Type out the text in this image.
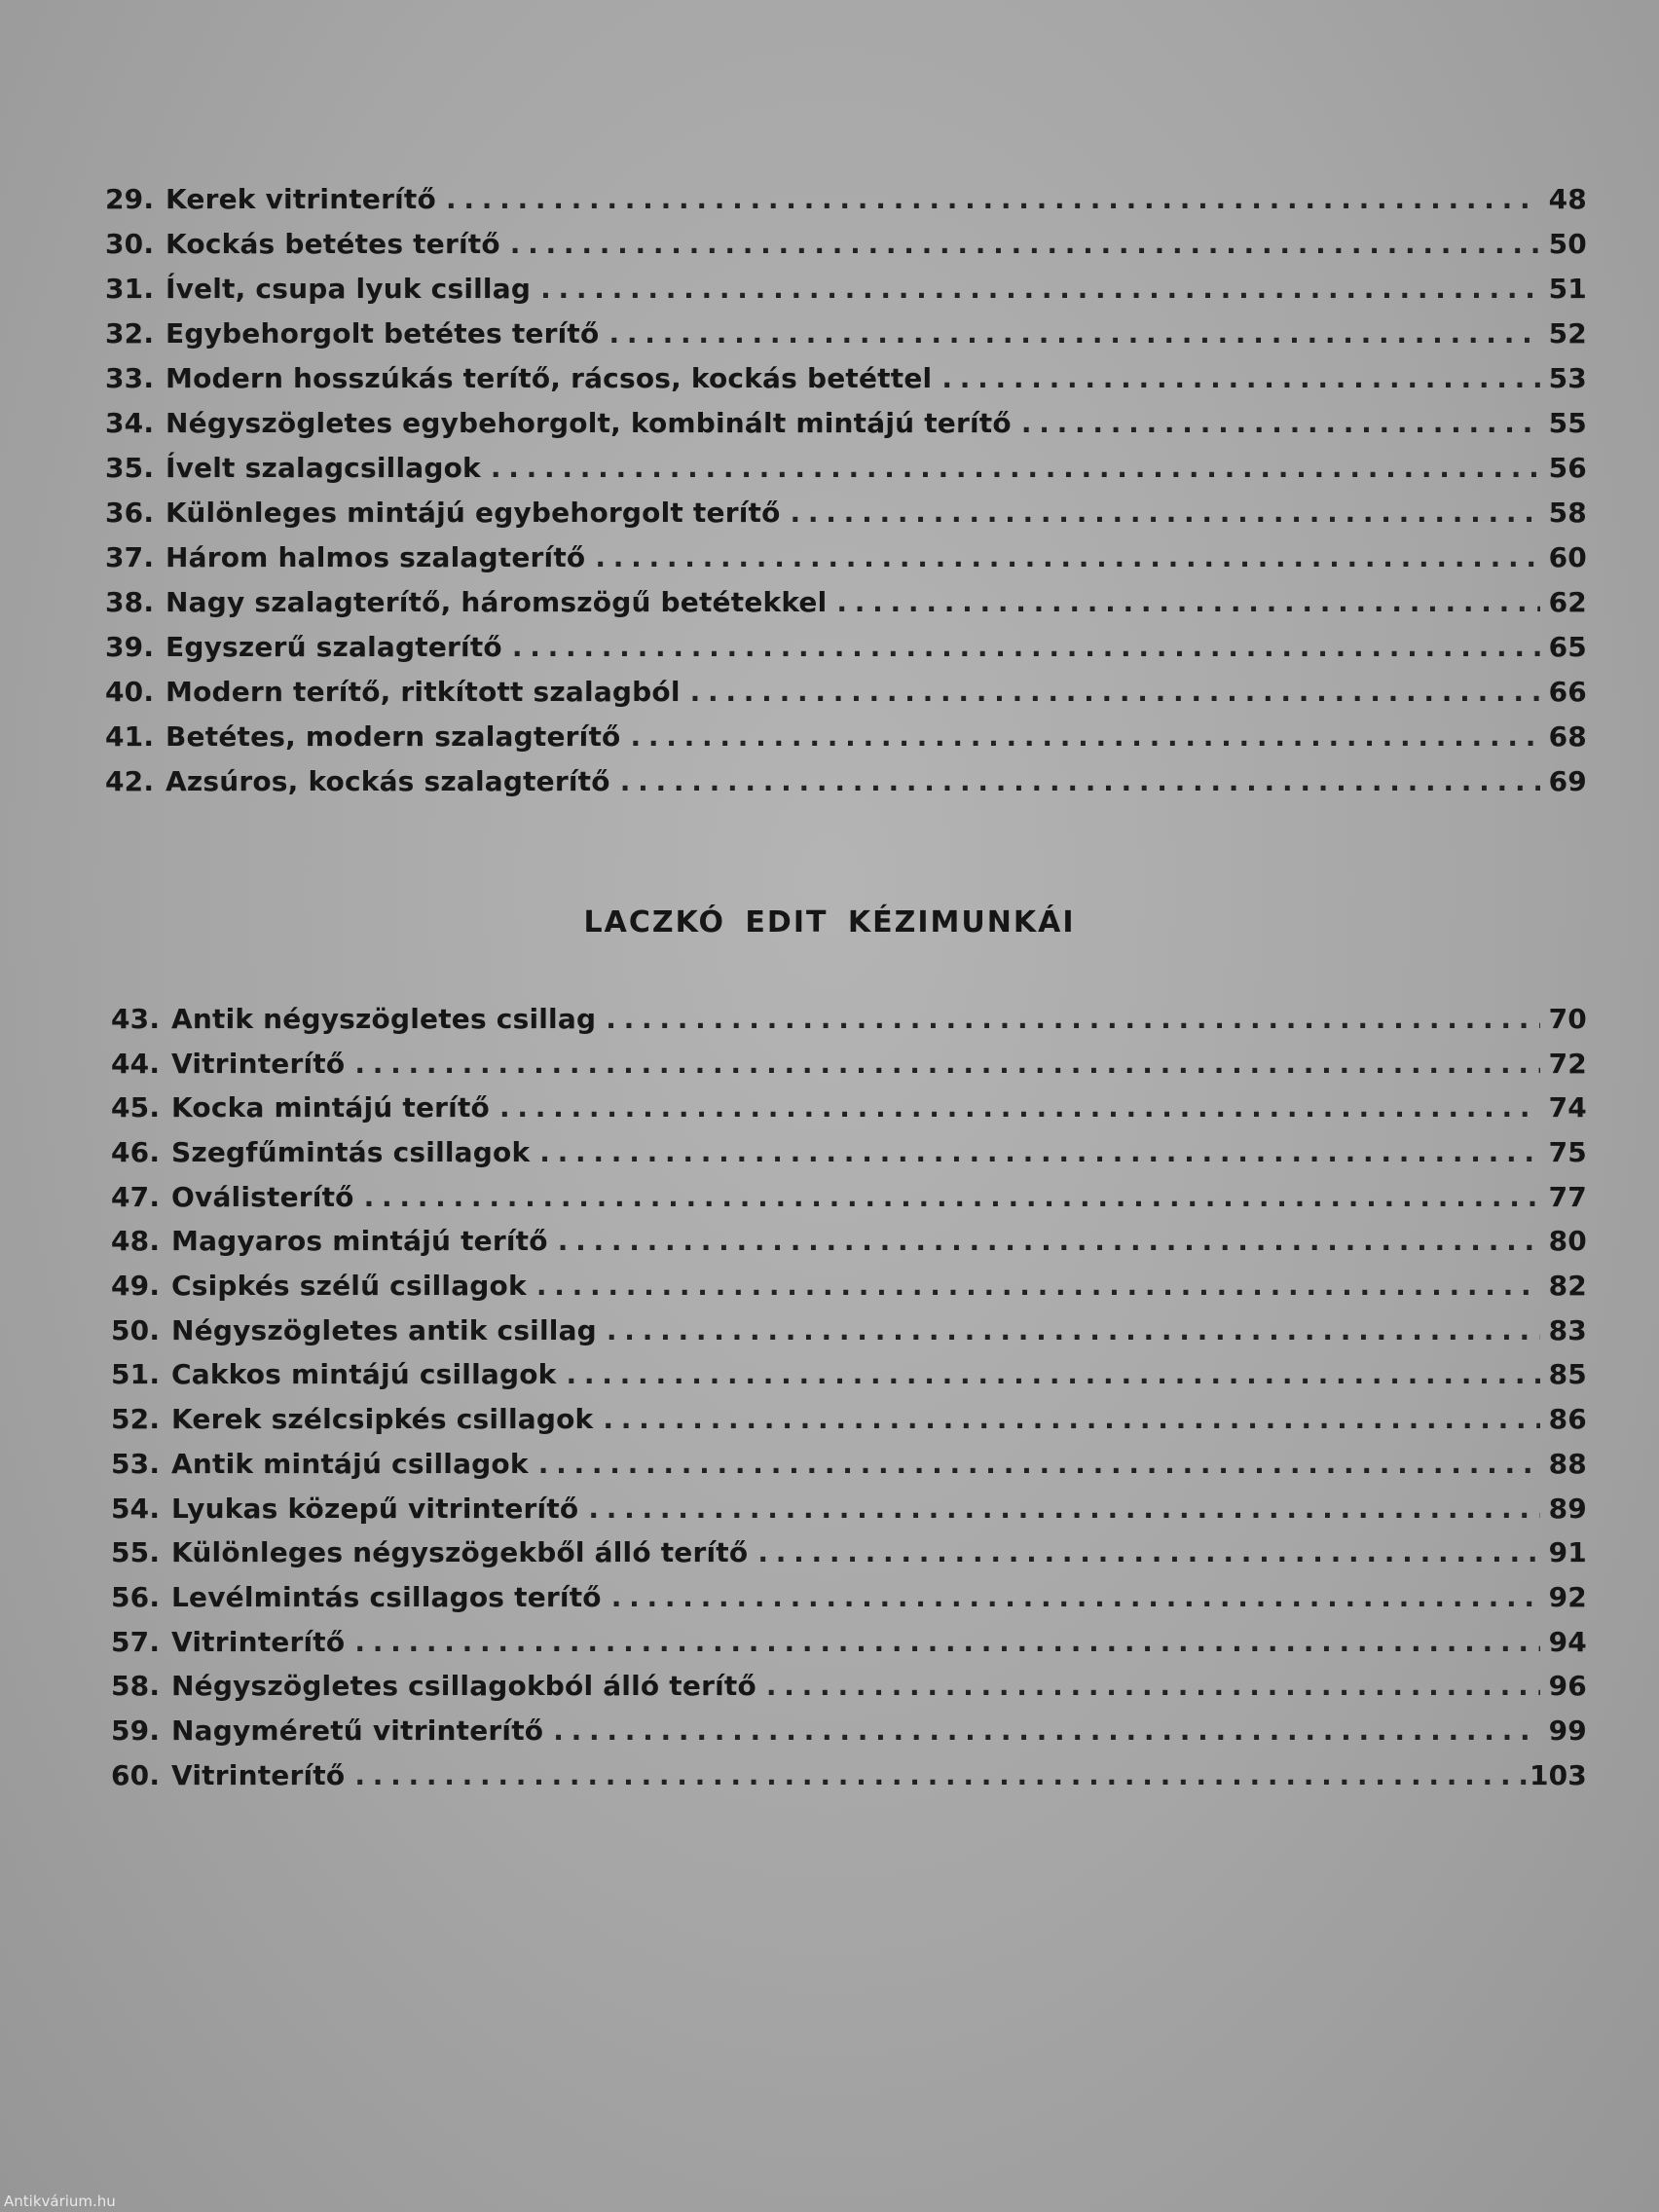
29. Kerek vitrinterítő . . .	48
30. Kockás betétes terítő . . .	50
31. Ívelt, csupa lyuk csillag . . .	51
32. Egybehorgolt betétes terítő . . .	52
33. Modern hosszúkás terítő, rácsos, kockás betéttel . . .	53
34. Négyszögletes egybehorgolt, kombinált mintájú terítő . . .	55
35. Ívelt szalagcsillagok . . .	56
36. Különleges mintájú egybehorgolt terítő . . .	58
37. Három halmos szalagterítő . . .	60
38. Nagy szalagterítő, háromszögű betétekkel . . .	62
39. Egyszerű szalagterítő . . .	65
40. Modern terítő, ritkított szalagból . . .	66
41. Betétes, modern szalagterítő . . .	68
42. Azsúros, kockás szalagterítő . . .	69
LACZKÓ EDIT KÉZIMUNKÁI
43. Antik négyszögletes csillag . . .	70
44. Vitrinterítő . . .	72
45. Kocka mintájú terítő . . .	74
46. Szegfűmintás csillagok . . .	75
47. Oválisterítő . . .	77
48. Magyaros mintájú terítő . . .	80
49. Csipkés szélű csillagok . . .	82
50. Négyszögletes antik csillag . . .	83
51. Cakkos mintájú csillagok . . .	85
52. Kerek szélcsipkés csillagok . . .	86
53. Antik mintájú csillagok . . .	88
54. Lyukas közepű vitrinterítő . . .	89
55. Különleges négyszögekből álló terítő . . .	91
56. Levélmintás csillagos terítő . . .	92
57. Vitrinterítő . . .	94
58. Négyszögletes csillagokból álló terítő . . .	96
59. Nagyméretű vitrinterítő . . .	99
60. Vitrinterítő . . .	103
Antikvárium.hu
